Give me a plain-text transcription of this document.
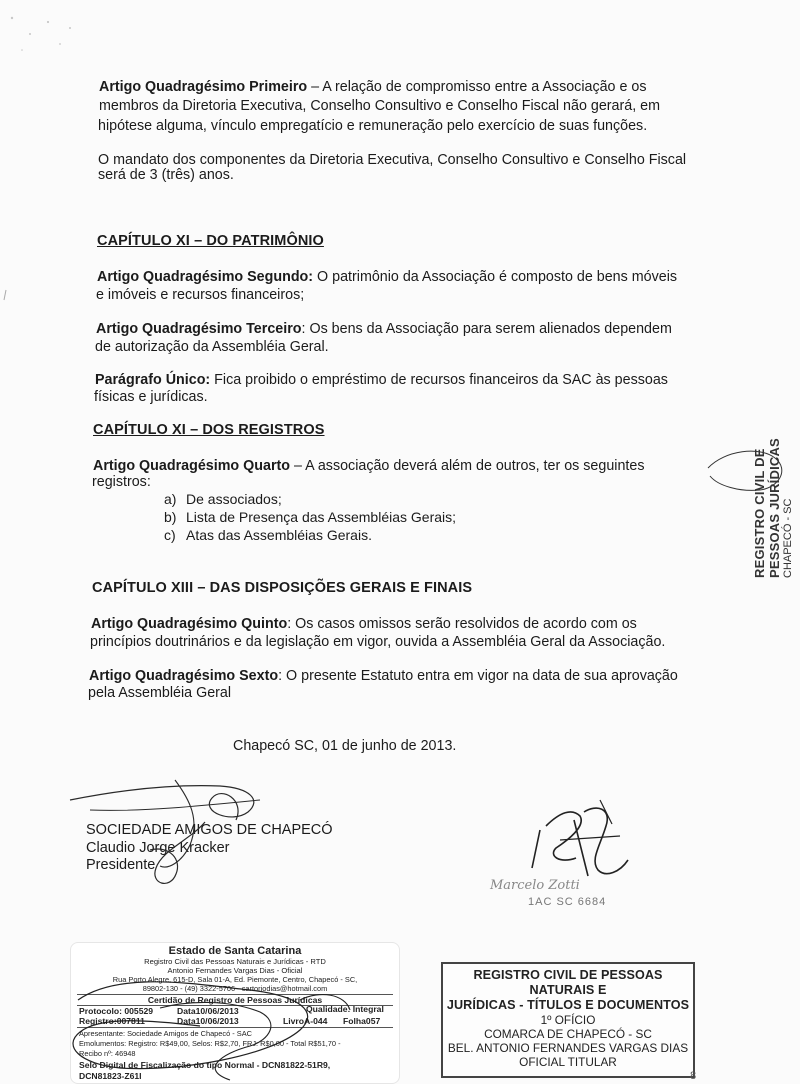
Artigo Quadragésimo Primeiro – A relação de compromisso entre a Associação e os
membros da Diretoria Executiva, Conselho Consultivo e Conselho Fiscal não gerará, em
hipótese alguma, vínculo empregatício e remuneração pelo exercício de suas funções.
O mandato dos componentes da Diretoria Executiva, Conselho Consultivo e Conselho Fiscal
será de 3 (três) anos.
CAPÍTULO XI – DO PATRIMÔNIO
Artigo Quadragésimo Segundo: O patrimônio da Associação é composto de bens móveis
e imóveis e recursos financeiros;
Artigo Quadragésimo Terceiro: Os bens da Associação para serem alienados dependem
de autorização da Assembléia Geral.
Parágrafo Único: Fica proibido o empréstimo de recursos financeiros da SAC às pessoas
físicas e jurídicas.
CAPÍTULO XI – DOS REGISTROS
Artigo Quadragésimo Quarto – A associação deverá além de outros, ter os seguintes
registros:
a) De associados;
b) Lista de Presença das Assembléias Gerais;
c) Atas das Assembléias Gerais.
CAPÍTULO XIII – DAS DISPOSIÇÕES GERAIS E FINAIS
Artigo Quadragésimo Quinto: Os casos omissos serão resolvidos de acordo com os
princípios doutrinários e da legislação em vigor, ouvida a Assembléia Geral da Associação.
Artigo Quadragésimo Sexto: O presente Estatuto entra em vigor na data de sua aprovação
pela Assembléia Geral
Chapecó SC, 01 de junho de 2013.
SOCIEDADE AMIGOS DE CHAPECÓ
Claudio Jorge Kracker
Presidente
Marcelo Zotti
1AC SC 6684
REGISTRO CIVIL DE PESSOAS JURÍDICAS CHAPECÓ - SC
Estado de Santa Catarina
Registro Civil das Pessoas Naturais e Jurídicas - RTD
Antonio Fernandes Vargas Dias - Oficial
Rua Porto Alegre, 615-D, Sala 01-A, Ed. Piemonte, Centro, Chapecó - SC,
89802-130 - (49) 3322-5706 - cartoriodias@hotmail.com
Certidão de Registro de Pessoas Jurídicas
Protocolo: 005529	Data10/06/2013	Qualidade: Integral
Registro:007811	Data10/06/2013	LivroA-044 Folha057
Apresentante: Sociedade Amigos de Chapecó - SAC
Emolumentos: Registro: R$49,00, Selos: R$2,70, FRJ: R$0,00 - Total R$51,70 -
Recibo nº: 46948
Selo Digital de Fiscalização do tipo Normal - DCN81822-51R9,
DCN81823-Z61I
REGISTRO CIVIL DE PESSOAS NATURAIS E
JURÍDICAS - TÍTULOS E DOCUMENTOS
1º OFÍCIO
COMARCA DE CHAPECÓ - SC
BEL. ANTONIO FERNANDES VARGAS DIAS
OFICIAL TITULAR
8
